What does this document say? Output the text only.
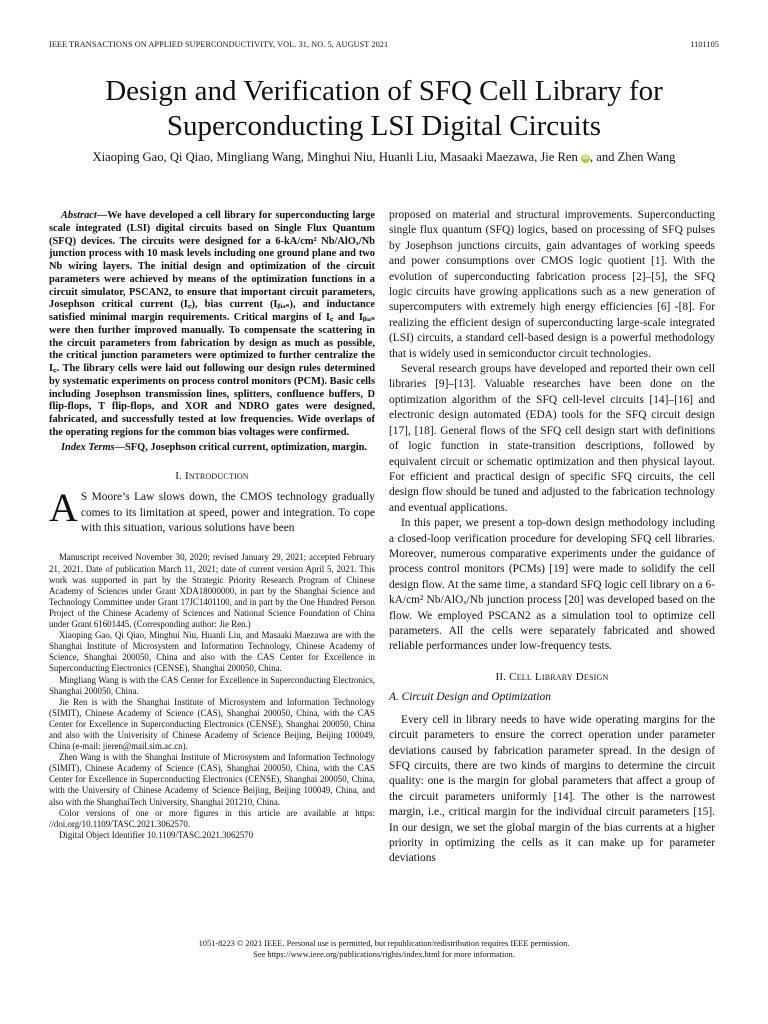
IEEE TRANSACTIONS ON APPLIED SUPERCONDUCTIVITY, VOL. 31, NO. 5, AUGUST 2021	1101105
Design and Verification of SFQ Cell Library for
Superconducting LSI Digital Circuits
Xiaoping Gao, Qi Qiao, Mingliang Wang, Minghui Niu, Huanli Liu, Masaaki Maezawa, Jie Ren iD , and Zhen Wang

Abstract—We have developed a cell library for superconducting large scale integrated (LSI) digital circuits based on Single Flux Quantum (SFQ) devices. The circuits were designed for a 6-kA/cm² Nb/AlOₓ/Nb junction process with 10 mask levels including one ground plane and two Nb wiring layers. The initial design and optimization of the circuit parameters were achieved by means of the optimization functions in a circuit simulator, PSCAN2, to ensure that important circuit parameters, Josephson critical current (I꜀), bias current (Iᵦᵢₐₛ), and inductance satisfied minimal margin requirements. Critical margins of I꜀ and Iᵦᵢₐₛ were then further improved manually. To compensate the scattering in the circuit parameters from fabrication by design as much as possible, the critical junction parameters were optimized to further centralize the I꜀. The library cells were laid out following our design rules determined by systematic experiments on process control monitors (PCM). Basic cells including Josephson transmission lines, splitters, confluence buffers, D flip-flops, T flip-flops, and XOR and NDRO gates were designed, fabricated, and successfully tested at low frequencies. Wide overlaps of the operating regions for the common bias voltages were confirmed.

Index Terms—SFQ, Josephson critical current, optimization, margin.

I. Introduction

A S Moore’s Law slows down, the CMOS technology gradually comes to its limitation at speed, power and integration. To cope with this situation, various solutions have been

Manuscript received November 30, 2020; revised January 29, 2021; accepted February 21, 2021. Date of publication March 11, 2021; date of current version April 5, 2021. This work was supported in part by the Strategic Priority Research Program of Chinese Academy of Sciences under Grant XDA18000000, in part by the Shanghai Science and Technology Committee under Grant 17JC1401100, and in part by the One Hundred Person Project of the Chinese Academy of Sciences and National Science Foundation of China under Grant 61601445. (Corresponding author: Jie Ren.)

Xiaoping Gao, Qi Qiao, Minghui Niu, Huanli Liu, and Masaaki Maezawa are with the Shanghai Institute of Microsystem and Information Technology, Chinese Academy of Science, Shanghai 200050, China and also with the CAS Center for Excellence in Superconducting Electronics (CENSE), Shanghai 200050, China.

Mingliang Wang is with the CAS Center for Excellence in Superconducting Electronics, Shanghai 200050, China.

Jie Ren is with the Shanghai Institute of Microsystem and Information Technology (SIMIT), Chinese Academy of Science (CAS), Shanghai 200050, China, with the CAS Center for Excellence in Superconducting Electronics (CENSE), Shanghai 200050, China and also with the Univerisity of Chinese Academy of Science Beijing, Beijing 100049, China (e-mail: jieren@mail.sim.ac.cn).

Zhen Wang is with the Shanghai Institute of Microsystem and Information Technology (SIMIT), Chinese Academy of Science (CAS), Shanghai 200050, China, with the CAS Center for Excellence in Superconducting Electronics (CENSE), Shanghai 200050, China, with the University of Chinese Academy of Science Beijing, Beijing 100049, China, and also with the ShanghaiTech University, Shanghai 201210, China.

Color versions of one or more figures in this article are available at https: //doi.org/10.1109/TASC.2021.3062570.

Digital Object Identifier 10.1109/TASC.2021.3062570

proposed on material and structural improvements. Superconducting single flux quantum (SFQ) logics, based on processing of SFQ pulses by Josephson junctions circuits, gain advantages of working speeds and power consumptions over CMOS logic quotient [1]. With the evolution of superconducting fabrication process [2]–[5], the SFQ logic circuits have growing applications such as a new generation of supercomputers with extremely high energy efficiencies [6] -[8]. For realizing the efficient design of superconducting large-scale integrated (LSI) circuits, a standard cell-based design is a powerful methodology that is widely used in semiconductor circuit technologies.

Several research groups have developed and reported their own cell libraries [9]–[13]. Valuable researches have been done on the optimization algorithm of the SFQ cell-level circuits [14]–[16] and electronic design automated (EDA) tools for the SFQ circuit design [17], [18]. General flows of the SFQ cell design start with definitions of logic function in state-transition descriptions, followed by equivalent circuit or schematic optimization and then physical layout. For efficient and practical design of specific SFQ circuits, the cell design flow should be tuned and adjusted to the fabrication technology and eventual applications.

In this paper, we present a top-down design methodology including a closed-loop verification procedure for developing SFQ cell libraries. Moreover, numerous comparative experiments under the guidance of process control monitors (PCMs) [19] were made to solidify the cell design flow. At the same time, a standard SFQ logic cell library on a 6-kA/cm² Nb/AlOₓ/Nb junction process [20] was developed based on the flow. We employed PSCAN2 as a simulation tool to optimize cell parameters. All the cells were separately fabricated and showed reliable performances under low-frequency tests.

II. Cell Library Design
A. Circuit Design and Optimization

Every cell in library needs to have wide operating margins for the circuit parameters to ensure the correct operation under parameter deviations caused by fabrication parameter spread. In the design of SFQ circuits, there are two kinds of margins to determine the circuit quality: one is the margin for global parameters that affect a group of the circuit parameters uniformly [14]. The other is the narrowest margin, i.e., critical margin for the individual circuit parameters [15]. In our design, we set the global margin of the bias currents at a higher priority in optimizing the cells as it can make up for parameter deviations

1051-8223 © 2021 IEEE. Personal use is permitted, but republication/redistribution requires IEEE permission.
See https://www.ieee.org/publications/rights/index.html for more information.
